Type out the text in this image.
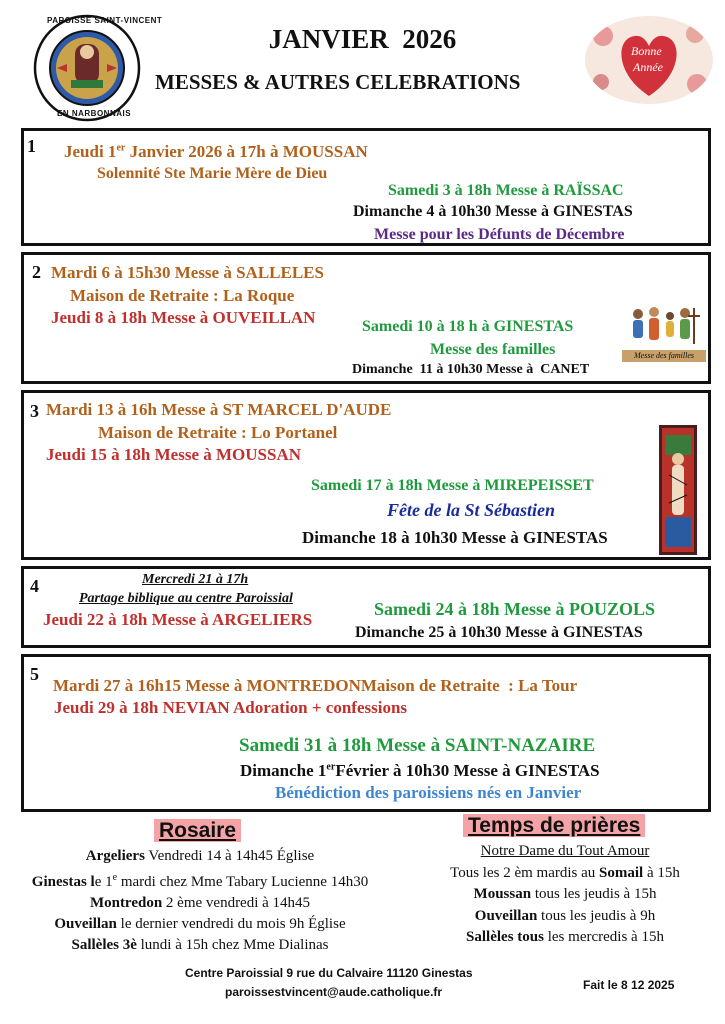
PAROISSE SAINT-VINCENT
EN NARBONNAIS
JANVIER  2026
MESSES & AUTRES CELEBRATIONS
Bonne
Année
1 Jeudi 1er Janvier 2026 à 17h à MOUSSAN
Solennité Ste Marie Mère de Dieu
Samedi 3 à 18h Messe à RAÏSSAC
Dimanche 4 à 10h30 Messe à GINESTAS
Messe pour les Défunts de Décembre
2 Mardi 6 à 15h30 Messe à SALLELES
Maison de Retraite : La Roque
Jeudi 8 à 18h Messe à OUVEILLAN	Samedi 10 à 18 h à GINESTAS
Messe des familles
Dimanche  11 à 10h30 Messe à  CANET
Messe des familles
3 Mardi 13 à 16h Messe à ST MARCEL D'AUDE
Maison de Retraite : Lo Portanel
Jeudi 15 à 18h Messe à MOUSSAN
Samedi 17 à 18h Messe à MIREPEISSET
Fête de la St Sébastien
Dimanche 18 à 10h30 Messe à GINESTAS
4	Mercredi 21 à 17h
Partage biblique au centre Paroissial
Jeudi 22 à 18h Messe à ARGELIERS
Samedi 24 à 18h Messe à POUZOLS
Dimanche 25 à 10h30 Messe à GINESTAS
5
Mardi 27 à 16h15 Messe à MONTREDONMaison de Retraite  : La Tour
Jeudi 29 à 18h NEVIAN Adoration + confessions
Samedi 31 à 18h Messe à SAINT-NAZAIRE
Dimanche 1erFévrier à 10h30 Messe à GINESTAS
Bénédiction des paroissiens nés en Janvier
Rosaire
Argeliers Vendredi 14 à 14h45 Église
Ginestas le 1e mardi chez Mme Tabary Lucienne 14h30
Montredon 2 ème vendredi à 14h45
Ouveillan le dernier vendredi du mois 9h Église
Sallèles 3è lundi à 15h chez Mme Dialinas
Temps de prières
Notre Dame du Tout Amour
Tous les 2 èm mardis au Somail à 15h
Moussan tous les jeudis à 15h
Ouveillan tous les jeudis à 9h
Sallèles tous les mercredis à 15h
Centre Paroissial 9 rue du Calvaire 11120 Ginestas
paroissestvincent@aude.catholique.fr	Fait le 8 12 2025
